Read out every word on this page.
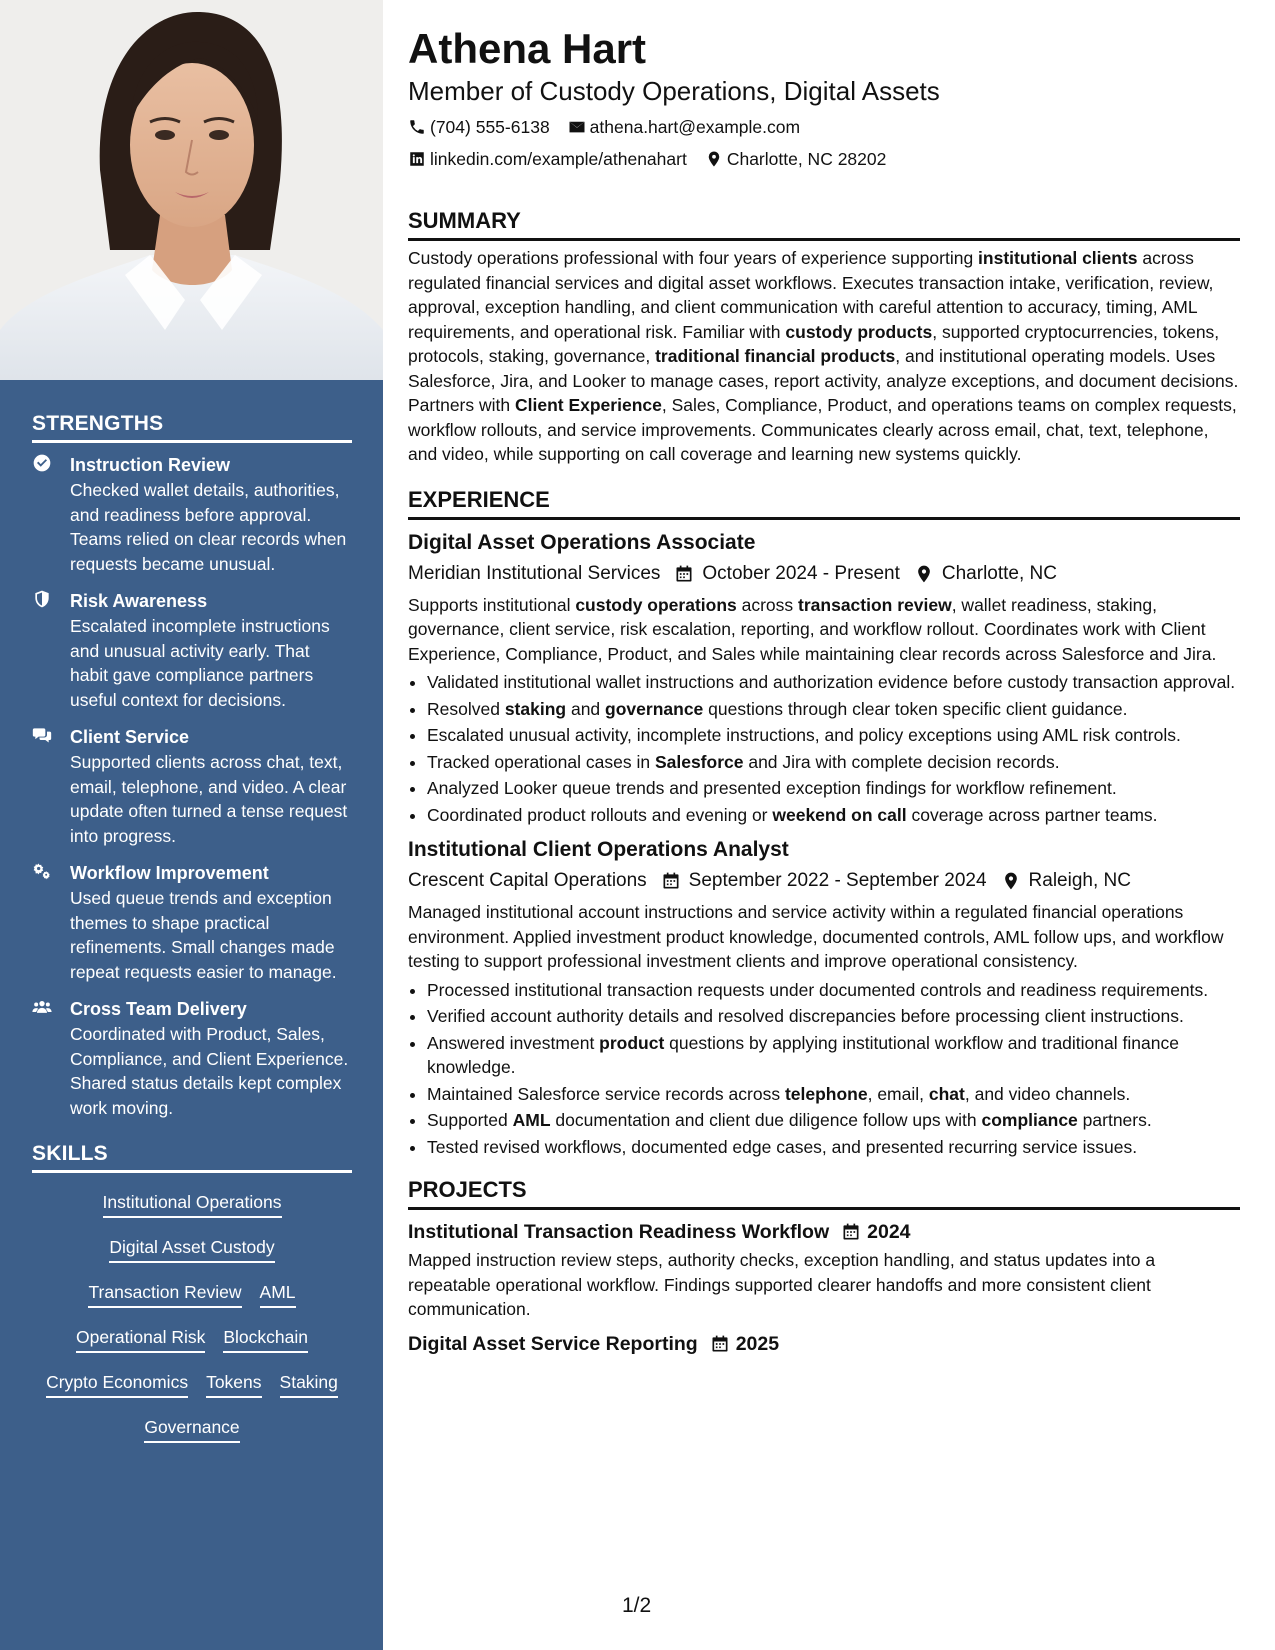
STRENGTHS
Instruction Review
Checked wallet details, authorities, and readiness before approval. Teams relied on clear records when requests became unusual.
Risk Awareness
Escalated incomplete instructions and unusual activity early. That habit gave compliance partners useful context for decisions.
Client Service
Supported clients across chat, text, email, telephone, and video. A clear update often turned a tense request into progress.
Workflow Improvement
Used queue trends and exception themes to shape practical refinements. Small changes made repeat requests easier to manage.
Cross Team Delivery
Coordinated with Product, Sales, Compliance, and Client Experience. Shared status details kept complex work moving.
SKILLS
Institutional Operations
Digital Asset Custody
Transaction Review AML
Operational Risk Blockchain
Crypto Economics Tokens Staking
Governance
Athena Hart

Member of Custody Operations, Digital Assets

(704) 555-6138 athena.hart@example.com
linkedin.com/example/athenahart Charlotte, NC 28202
SUMMARY

Custody operations professional with four years of experience supporting institutional clients across regulated financial services and digital asset workflows. Executes transaction intake, verification, review, approval, exception handling, and client communication with careful attention to accuracy, timing, AML requirements, and operational risk. Familiar with custody products, supported cryptocurrencies, tokens, protocols, staking, governance, traditional financial products, and institutional operating models. Uses Salesforce, Jira, and Looker to manage cases, report activity, analyze exceptions, and document decisions. Partners with Client Experience, Sales, Compliance, Product, and operations teams on complex requests, workflow rollouts, and service improvements. Communicates clearly across email, chat, text, telephone, and video, while supporting on call coverage and learning new systems quickly.

EXPERIENCE
Digital Asset Operations Associate
Meridian Institutional Services October 2024 - Present Charlotte, NC

Supports institutional custody operations across transaction review, wallet readiness, staking, governance, client service, risk escalation, reporting, and workflow rollout. Coordinates work with Client Experience, Compliance, Product, and Sales while maintaining clear records across Salesforce and Jira.

• Validated institutional wallet instructions and authorization evidence before custody transaction approval.
• Resolved staking and governance questions through clear token specific client guidance.
• Escalated unusual activity, incomplete instructions, and policy exceptions using AML risk controls.
• Tracked operational cases in Salesforce and Jira with complete decision records.
• Analyzed Looker queue trends and presented exception findings for workflow refinement.
• Coordinated product rollouts and evening or weekend on call coverage across partner teams.
Institutional Client Operations Analyst
Crescent Capital Operations September 2022 - September 2024 Raleigh, NC

Managed institutional account instructions and service activity within a regulated financial operations environment. Applied investment product knowledge, documented controls, AML follow ups, and workflow testing to support professional investment clients and improve operational consistency.

• Processed institutional transaction requests under documented controls and readiness requirements.
• Verified account authority details and resolved discrepancies before processing client instructions.
• Answered investment product questions by applying institutional workflow and traditional finance knowledge.
• Maintained Salesforce service records across telephone, email, chat, and video channels.
• Supported AML documentation and client due diligence follow ups with compliance partners.
• Tested revised workflows, documented edge cases, and presented recurring service issues.
PROJECTS
Institutional Transaction Readiness Workflow 2024

Mapped instruction review steps, authority checks, exception handling, and status updates into a repeatable operational workflow. Findings supported clearer handoffs and more consistent client communication.

Digital Asset Service Reporting 2025
1/2
